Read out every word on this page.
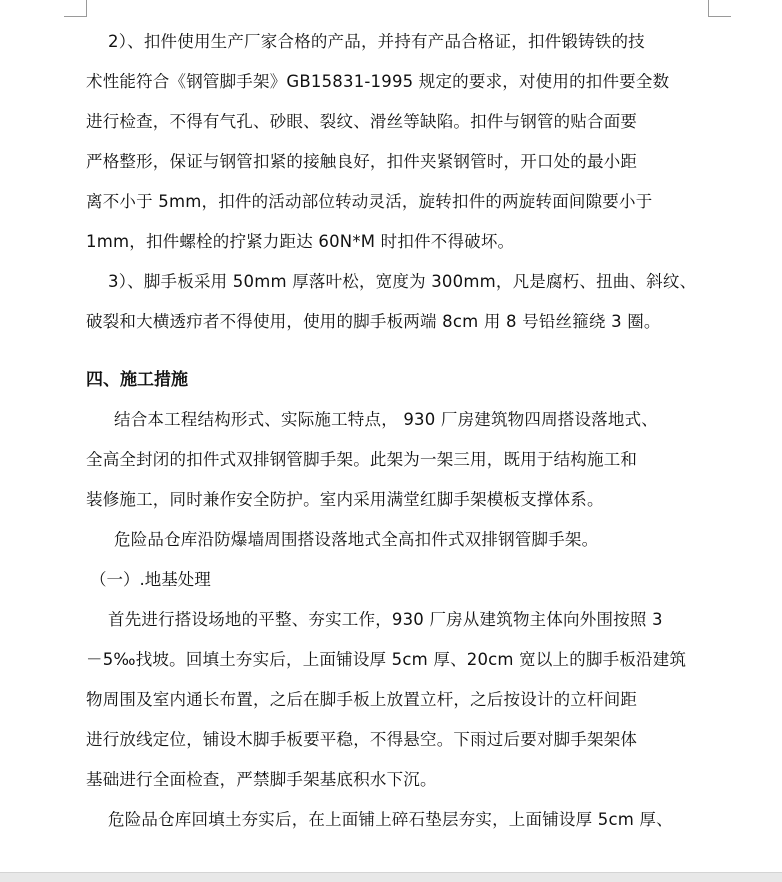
2）、扣件使用生产厂家合格的产品，并持有产品合格证，扣件锻铸铁的技
术性能符合《钢管脚手架》GB15831-1995 规定的要求，对使用的扣件要全数
进行检查，不得有气孔、砂眼、裂纹、滑丝等缺陷。扣件与钢管的贴合面要
严格整形，保证与钢管扣紧的接触良好，扣件夹紧钢管时，开口处的最小距
离不小于 5mm，扣件的活动部位转动灵活，旋转扣件的两旋转面间隙要小于
1mm，扣件螺栓的拧紧力距达 60N*M 时扣件不得破坏。
3）、脚手板采用 50mm 厚落叶松，宽度为 300mm，凡是腐朽、扭曲、斜纹、
破裂和大横透疖者不得使用，使用的脚手板两端 8cm 用 8 号铅丝箍绕 3 圈。
四、施工措施
结合本工程结构形式、实际施工特点， 930 厂房建筑物四周搭设落地式、
全高全封闭的扣件式双排钢管脚手架。此架为一架三用，既用于结构施工和
装修施工，同时兼作安全防护。室内采用满堂红脚手架模板支撑体系。
危险品仓库沿防爆墙周围搭设落地式全高扣件式双排钢管脚手架。
（一）.地基处理
首先进行搭设场地的平整、夯实工作，930 厂房从建筑物主体向外围按照 3
－5‰找坡。回填土夯实后，上面铺设厚 5cm 厚、20cm 宽以上的脚手板沿建筑
物周围及室内通长布置，之后在脚手板上放置立杆，之后按设计的立杆间距
进行放线定位，铺设木脚手板要平稳，不得悬空。下雨过后要对脚手架架体
基础进行全面检查，严禁脚手架基底积水下沉。
危险品仓库回填土夯实后，在上面铺上碎石垫层夯实，上面铺设厚 5cm 厚、
